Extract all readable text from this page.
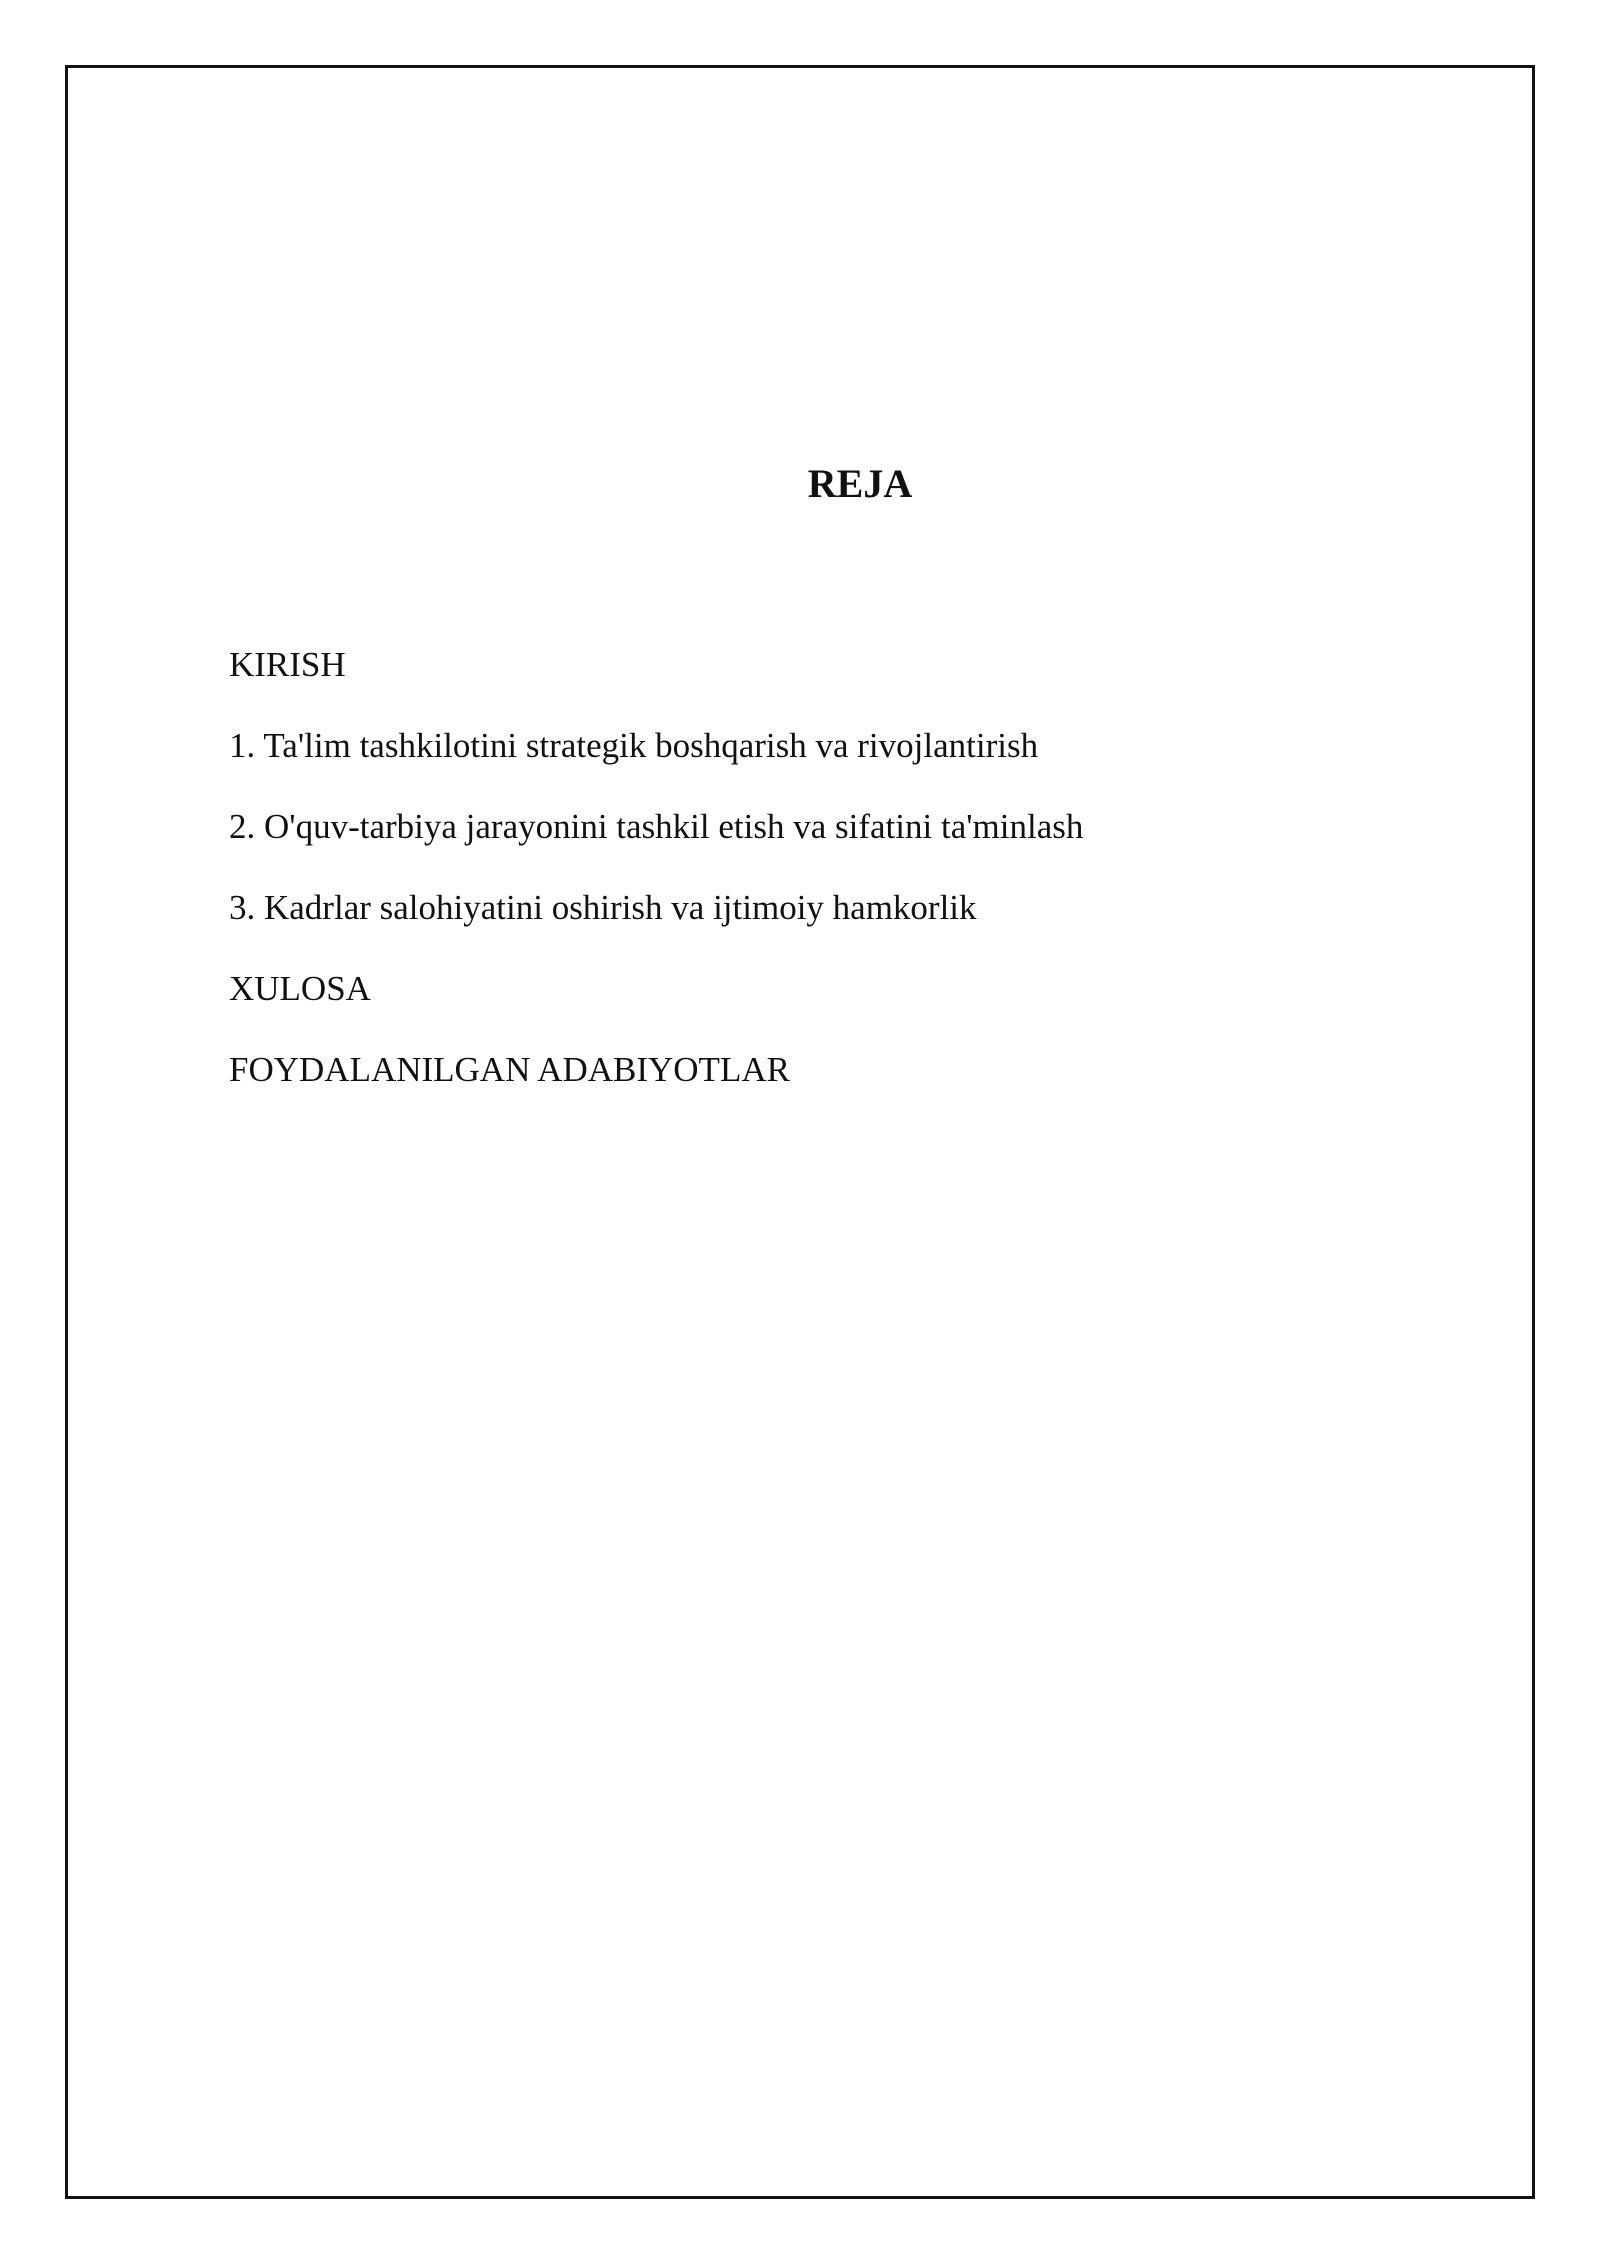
REJA
KIRISH
1. Ta'lim tashkilotini strategik boshqarish va rivojlantirish
2. O'quv-tarbiya jarayonini tashkil etish va sifatini ta'minlash
3. Kadrlar salohiyatini oshirish va ijtimoiy hamkorlik
XULOSA
FOYDALANILGAN ADABIYOTLAR
